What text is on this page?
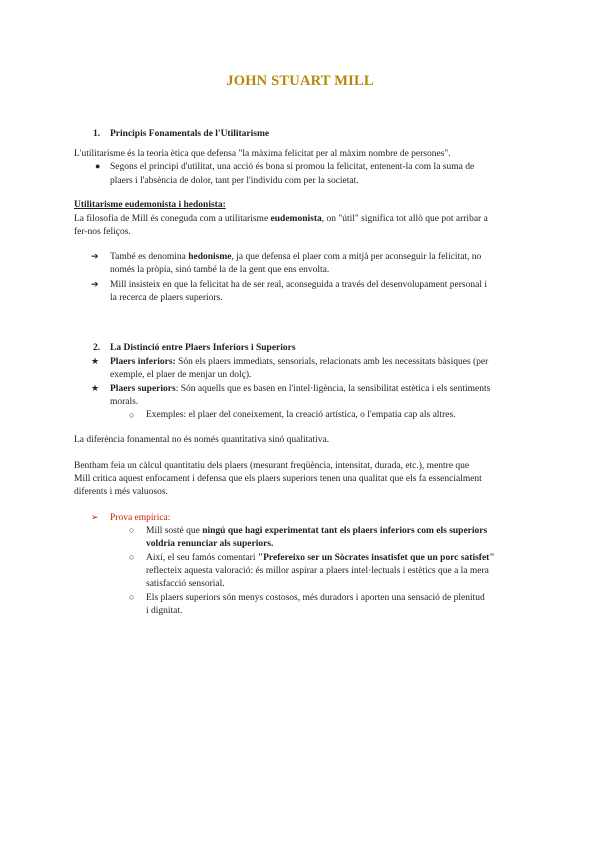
JOHN STUART MILL
1. Principis Fonamentals de l'Utilitarisme
L'utilitarisme és la teoria ètica que defensa "la màxima felicitat per al màxim nombre de persones".
● Segons el principi d'utilitat, una acció és bona si promou la felicitat, entenent-la com la suma de
plaers i l'absència de dolor, tant per l'individu com per la societat.
Utilitarisme eudemonista i hedonista:
La filosofia de Mill és coneguda com a utilitarisme eudemonista, on "útil" significa tot allò que pot arribar a
fer-nos feliços.
➔ També es denomina hedonisme, ja que defensa el plaer com a mitjà per aconseguir la felicitat, no
només la pròpia, sinó també la de la gent que ens envolta.
➔ Mill insisteix en que la felicitat ha de ser real, aconseguida a través del desenvolupament personal i
la recerca de plaers superiors.
2. La Distinció entre Plaers Inferiors i Superiors
★ Plaers inferiors: Són els plaers immediats, sensorials, relacionats amb les necessitats bàsiques (per
exemple, el plaer de menjar un dolç).
★ Plaers superiors: Són aquells que es basen en l'intel·ligència, la sensibilitat estètica i els sentiments
morals.
○ Exemples: el plaer del coneixement, la creació artística, o l'empatia cap als altres.
La diferència fonamental no és només quantitativa sinó qualitativa.
Bentham feia un càlcul quantitatiu dels plaers (mesurant freqüència, intensitat, durada, etc.), mentre que
Mill critica aquest enfocament i defensa que els plaers superiors tenen una qualitat que els fa essencialment
diferents i més valuosos.
➢ Prova empírica:
○ Mill sosté que ningú que hagi experimentat tant els plaers inferiors com els superiors
voldria renunciar als superiors.
○ Així, el seu famós comentari "Prefereixo ser un Sòcrates insatisfet que un porc satisfet"
reflecteix aquesta valoració: és millor aspirar a plaers intel·lectuals i estètics que a la mera
satisfacció sensorial.
○ Els plaers superiors són menys costosos, més duradors i aporten una sensació de plenitud
i dignitat.
